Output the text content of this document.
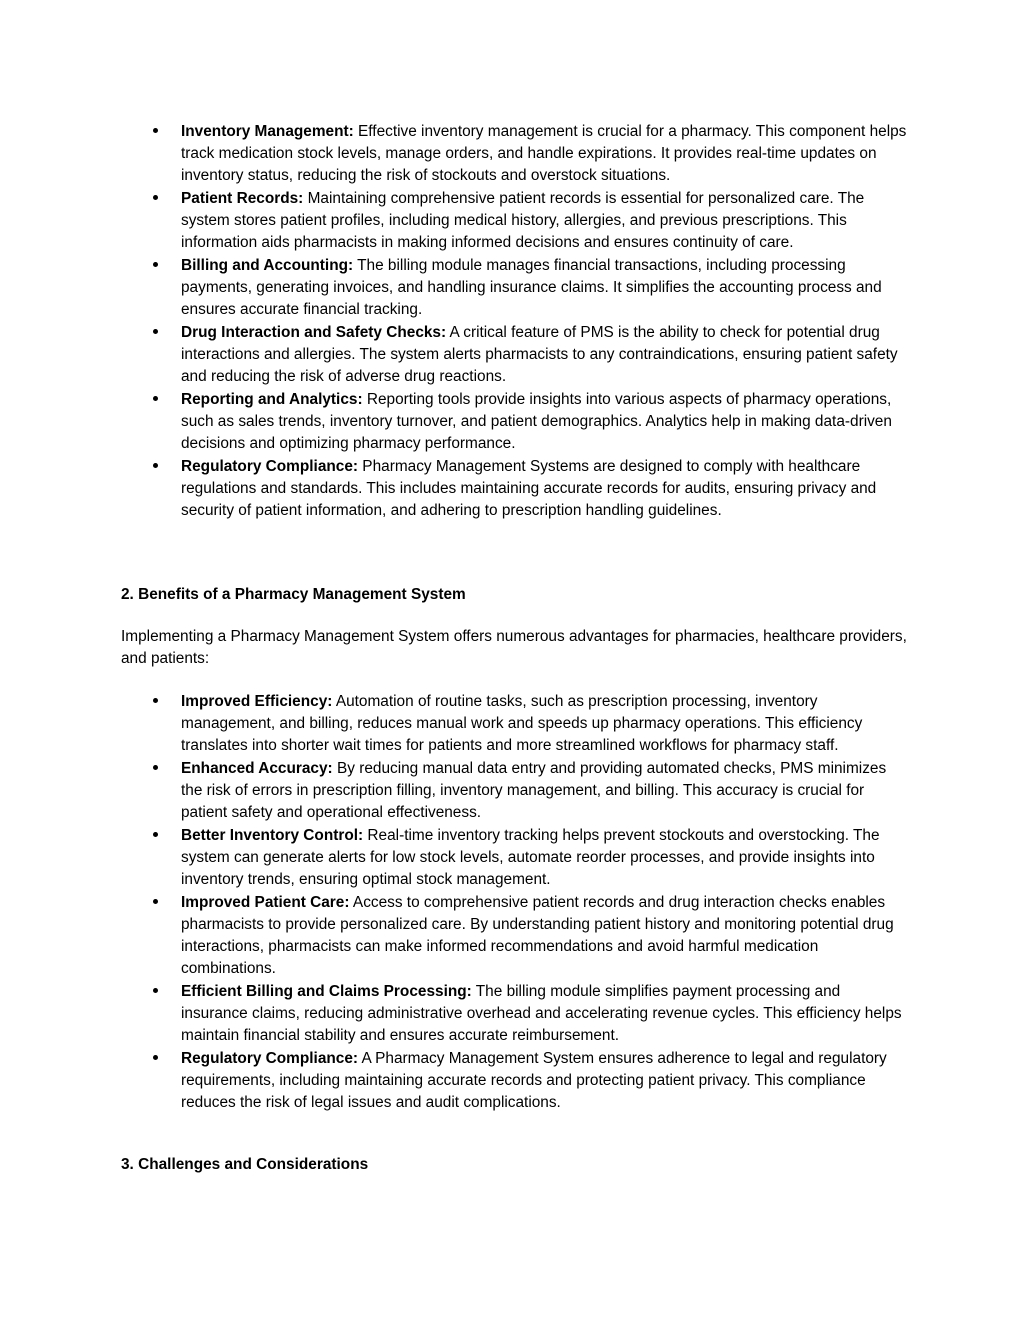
Inventory Management: Effective inventory management is crucial for a pharmacy. This component helps track medication stock levels, manage orders, and handle expirations. It provides real-time updates on inventory status, reducing the risk of stockouts and overstock situations.
Patient Records: Maintaining comprehensive patient records is essential for personalized care. The system stores patient profiles, including medical history, allergies, and previous prescriptions. This information aids pharmacists in making informed decisions and ensures continuity of care.
Billing and Accounting: The billing module manages financial transactions, including processing payments, generating invoices, and handling insurance claims. It simplifies the accounting process and ensures accurate financial tracking.
Drug Interaction and Safety Checks: A critical feature of PMS is the ability to check for potential drug interactions and allergies. The system alerts pharmacists to any contraindications, ensuring patient safety and reducing the risk of adverse drug reactions.
Reporting and Analytics: Reporting tools provide insights into various aspects of pharmacy operations, such as sales trends, inventory turnover, and patient demographics. Analytics help in making data-driven decisions and optimizing pharmacy performance.
Regulatory Compliance: Pharmacy Management Systems are designed to comply with healthcare regulations and standards. This includes maintaining accurate records for audits, ensuring privacy and security of patient information, and adhering to prescription handling guidelines.
2. Benefits of a Pharmacy Management System
Implementing a Pharmacy Management System offers numerous advantages for pharmacies, healthcare providers, and patients:
Improved Efficiency: Automation of routine tasks, such as prescription processing, inventory management, and billing, reduces manual work and speeds up pharmacy operations. This efficiency translates into shorter wait times for patients and more streamlined workflows for pharmacy staff.
Enhanced Accuracy: By reducing manual data entry and providing automated checks, PMS minimizes the risk of errors in prescription filling, inventory management, and billing. This accuracy is crucial for patient safety and operational effectiveness.
Better Inventory Control: Real-time inventory tracking helps prevent stockouts and overstocking. The system can generate alerts for low stock levels, automate reorder processes, and provide insights into inventory trends, ensuring optimal stock management.
Improved Patient Care: Access to comprehensive patient records and drug interaction checks enables pharmacists to provide personalized care. By understanding patient history and monitoring potential drug interactions, pharmacists can make informed recommendations and avoid harmful medication combinations.
Efficient Billing and Claims Processing: The billing module simplifies payment processing and insurance claims, reducing administrative overhead and accelerating revenue cycles. This efficiency helps maintain financial stability and ensures accurate reimbursement.
Regulatory Compliance: A Pharmacy Management System ensures adherence to legal and regulatory requirements, including maintaining accurate records and protecting patient privacy. This compliance reduces the risk of legal issues and audit complications.
3. Challenges and Considerations
